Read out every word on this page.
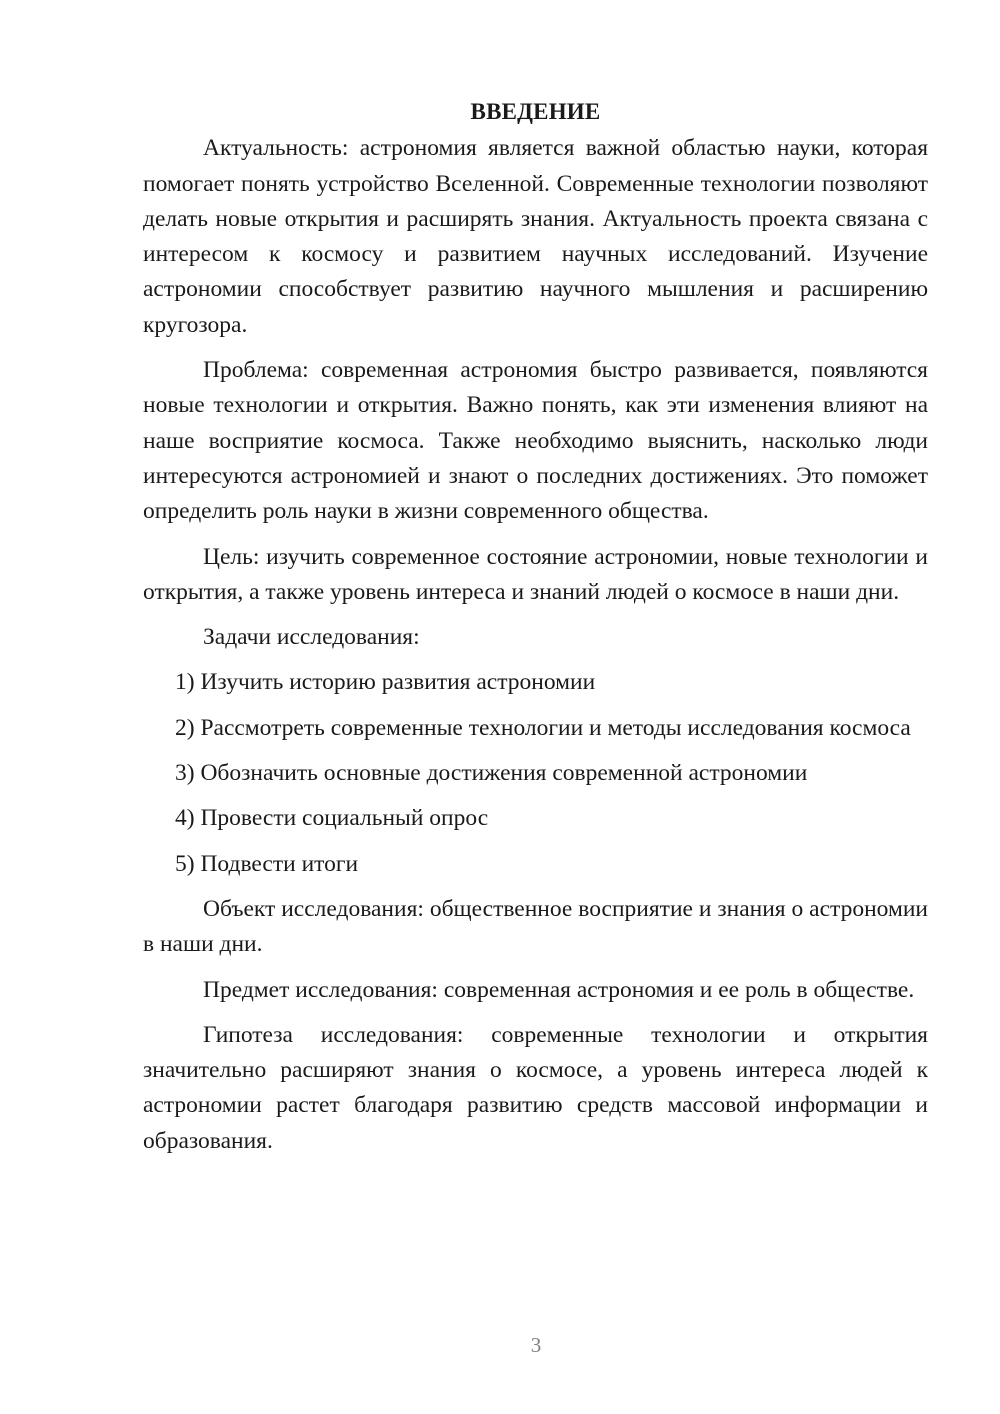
ВВЕДЕНИЕ

Актуальность: астрономия является важной областью науки, которая помогает понять устройство Вселенной. Современные технологии позволяют делать новые открытия и расширять знания. Актуальность проекта связана с интересом к космосу и развитием научных исследований. Изучение астрономии способствует развитию научного мышления и расширению кругозора.

Проблема: современная астрономия быстро развивается, появляются новые технологии и открытия. Важно понять, как эти изменения влияют на наше восприятие космоса. Также необходимо выяснить, насколько люди интересуются астрономией и знают о последних достижениях. Это поможет определить роль науки в жизни современного общества.

Цель: изучить современное состояние астрономии, новые технологии и открытия, а также уровень интереса и знаний людей о космосе в наши дни.

Задачи исследования:

1) Изучить историю развития астрономии

2) Рассмотреть современные технологии и методы исследования космоса

3) Обозначить основные достижения современной астрономии

4) Провести социальный опрос

5) Подвести итоги

Объект исследования: общественное восприятие и знания о астрономии в наши дни.

Предмет исследования: современная астрономия и ее роль в обществе.

Гипотеза исследования: современные технологии и открытия значительно расширяют знания о космосе, а уровень интереса людей к астрономии растет благодаря развитию средств массовой информации и образования.

3
